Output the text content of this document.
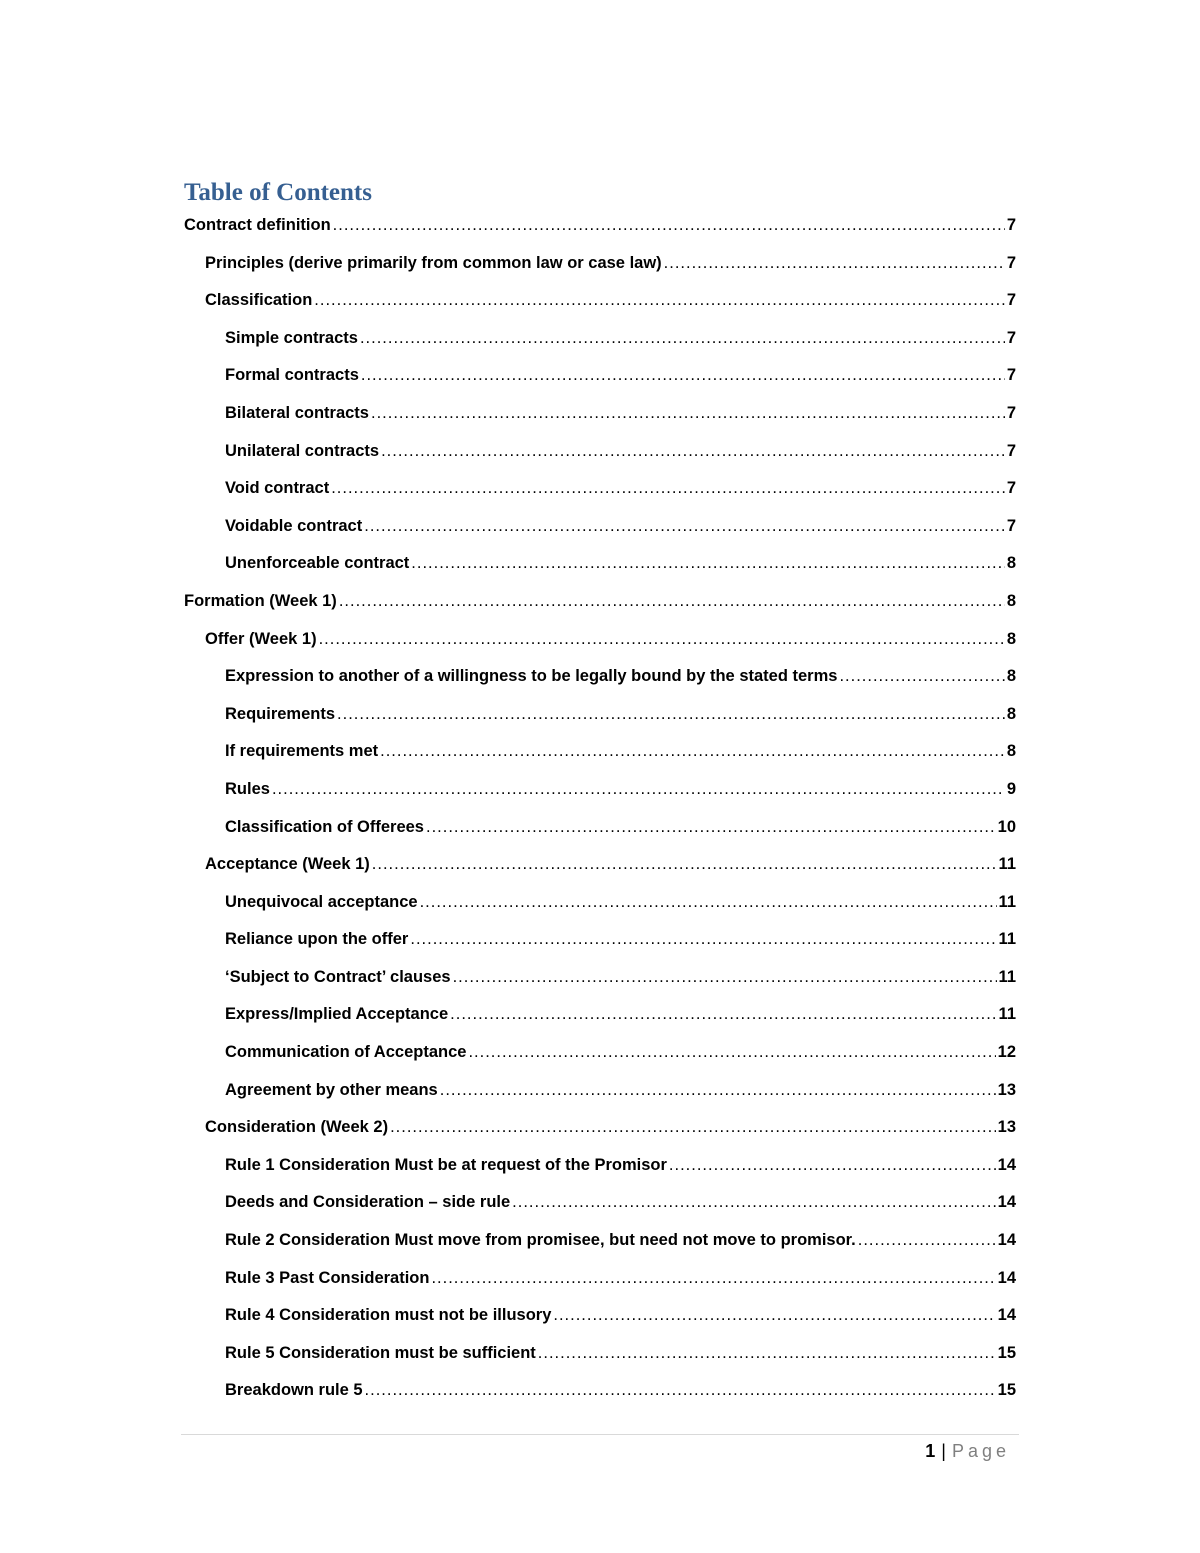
Table of Contents
Contract definition .....	7
Principles (derive primarily from common law or case law) .....	7
Classification .....	7
Simple contracts .....	7
Formal contracts .....	7
Bilateral contracts .....	7
Unilateral contracts .....	7
Void contract .....	7
Voidable contract .....	7
Unenforceable contract .....	8
Formation (Week 1) .....	8
Offer (Week 1) .....	8
Expression to another of a willingness to be legally bound by the stated terms .....	8
Requirements .....	8
If requirements met .....	8
Rules .....	9
Classification of Offerees .....	10
Acceptance (Week 1) .....	11
Unequivocal acceptance .....	11
Reliance upon the offer .....	11
‘Subject to Contract’ clauses .....	11
Express/Implied Acceptance .....	11
Communication of Acceptance .....	12
Agreement by other means .....	13
Consideration (Week 2) .....	13
Rule 1 Consideration Must be at request of the Promisor .....	14
Deeds and Consideration – side rule .....	14
Rule 2 Consideration Must move from promisee, but need not move to promisor. .....	14
Rule 3 Past Consideration .....	14
Rule 4 Consideration must not be illusory .....	14
Rule 5 Consideration must be sufficient .....	15
Breakdown rule 5 .....	15
1 | Page
